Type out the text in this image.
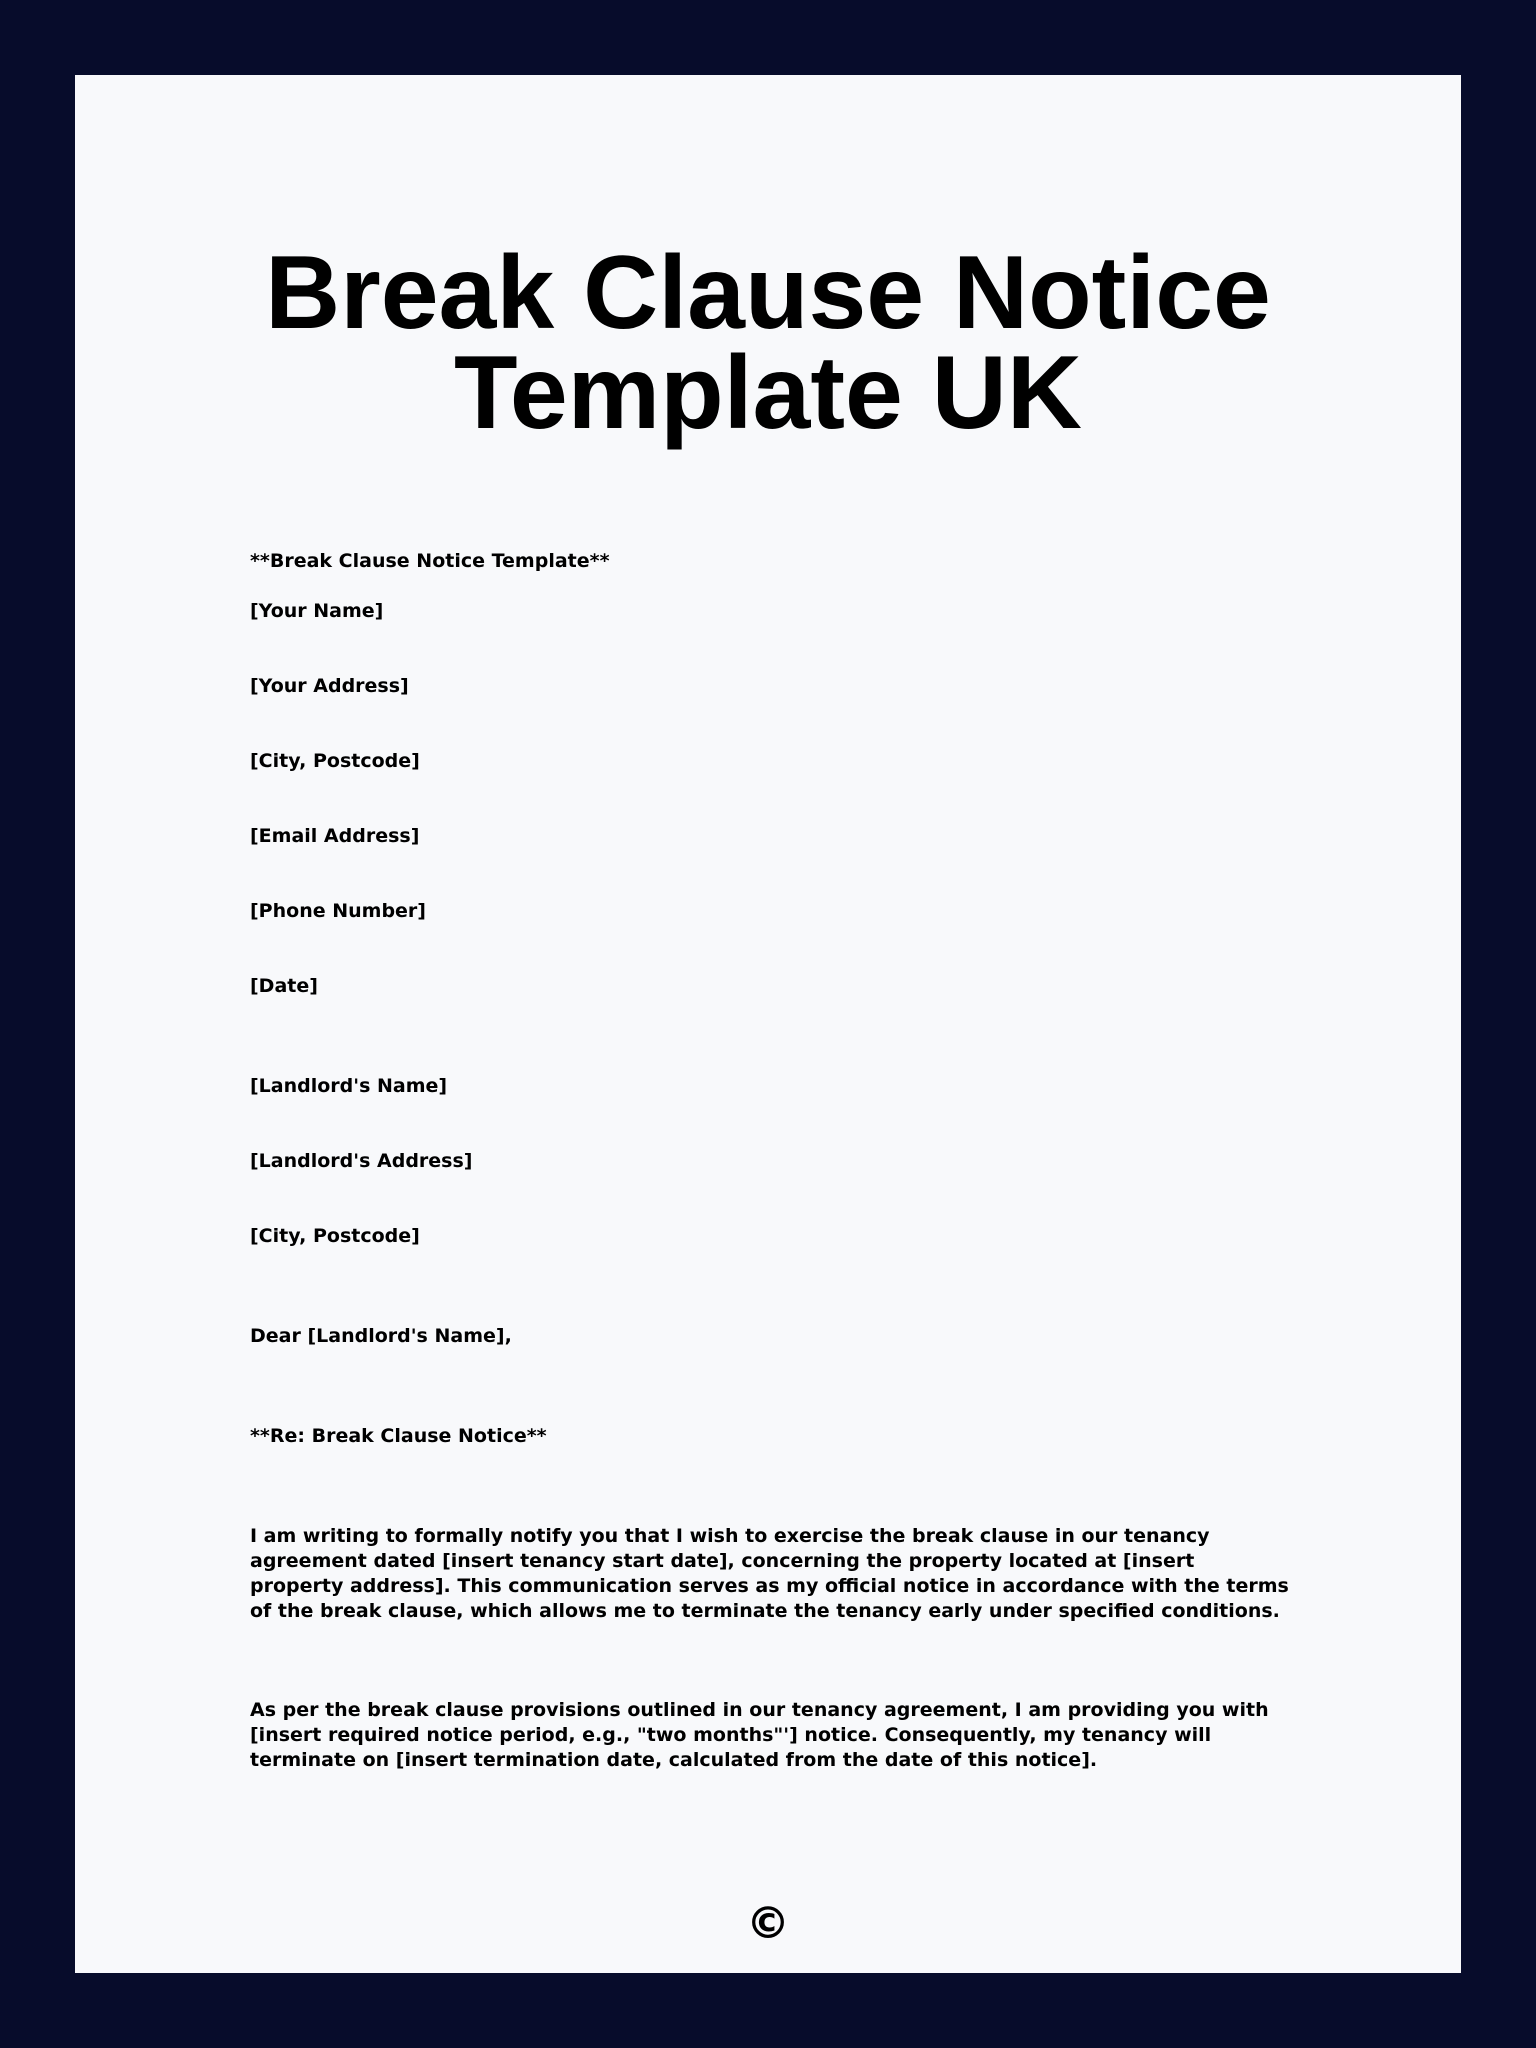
Break Clause Notice Template UK

**Break Clause Notice Template**

[Your Name]

[Your Address]

[City, Postcode]

[Email Address]

[Phone Number]

[Date]

[Landlord's Name]

[Landlord's Address]

[City, Postcode]

Dear [Landlord's Name],

**Re: Break Clause Notice**

I am writing to formally notify you that I wish to exercise the break clause in our tenancy agreement dated [insert tenancy start date], concerning the property located at [insert property address]. This communication serves as my official notice in accordance with the terms of the break clause, which allows me to terminate the tenancy early under specified conditions.

As per the break clause provisions outlined in our tenancy agreement, I am providing you with [insert required notice period, e.g., "two months"'] notice. Consequently, my tenancy will terminate on [insert termination date, calculated from the date of this notice].

©
